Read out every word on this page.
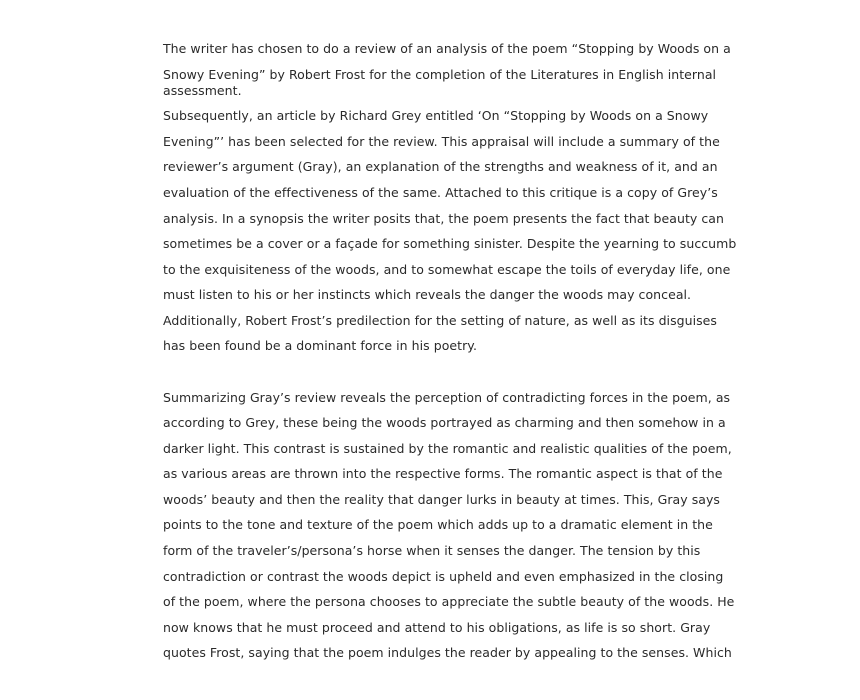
The writer has chosen to do a review of an analysis of the poem “Stopping by Woods on a

Snowy Evening” by Robert Frost for the completion of the Literatures in English internal

assessment.

Subsequently, an article by Richard Grey entitled ‘On “Stopping by Woods on a Snowy

Evening”’ has been selected for the review. This appraisal will include a summary of the

reviewer’s argument (Gray), an explanation of the strengths and weakness of it, and an

evaluation of the effectiveness of the same. Attached to this critique is a copy of Grey’s

analysis. In a synopsis the writer posits that, the poem presents the fact that beauty can

sometimes be a cover or a façade for something sinister. Despite the yearning to succumb

to the exquisiteness of the woods, and to somewhat escape the toils of everyday life, one

must listen to his or her instincts which reveals the danger the woods may conceal.

Additionally, Robert Frost’s predilection for the setting of nature, as well as its disguises

has been found be a dominant force in his poetry.

Summarizing Gray’s review reveals the perception of contradicting forces in the poem, as

according to Grey, these being the woods portrayed as charming and then somehow in a

darker light. This contrast is sustained by the romantic and realistic qualities of the poem,

as various areas are thrown into the respective forms. The romantic aspect is that of the

woods’ beauty and then the reality that danger lurks in beauty at times. This, Gray says

points to the tone and texture of the poem which adds up to a dramatic element in the

form of the traveler’s/persona’s horse when it senses the danger. The tension by this

contradiction or contrast the woods depict is upheld and even emphasized in the closing

of the poem, where the persona chooses to appreciate the subtle beauty of the woods. He

now knows that he must proceed and attend to his obligations, as life is so short. Gray

quotes Frost, saying that the poem indulges the reader by appealing to the senses. Which
